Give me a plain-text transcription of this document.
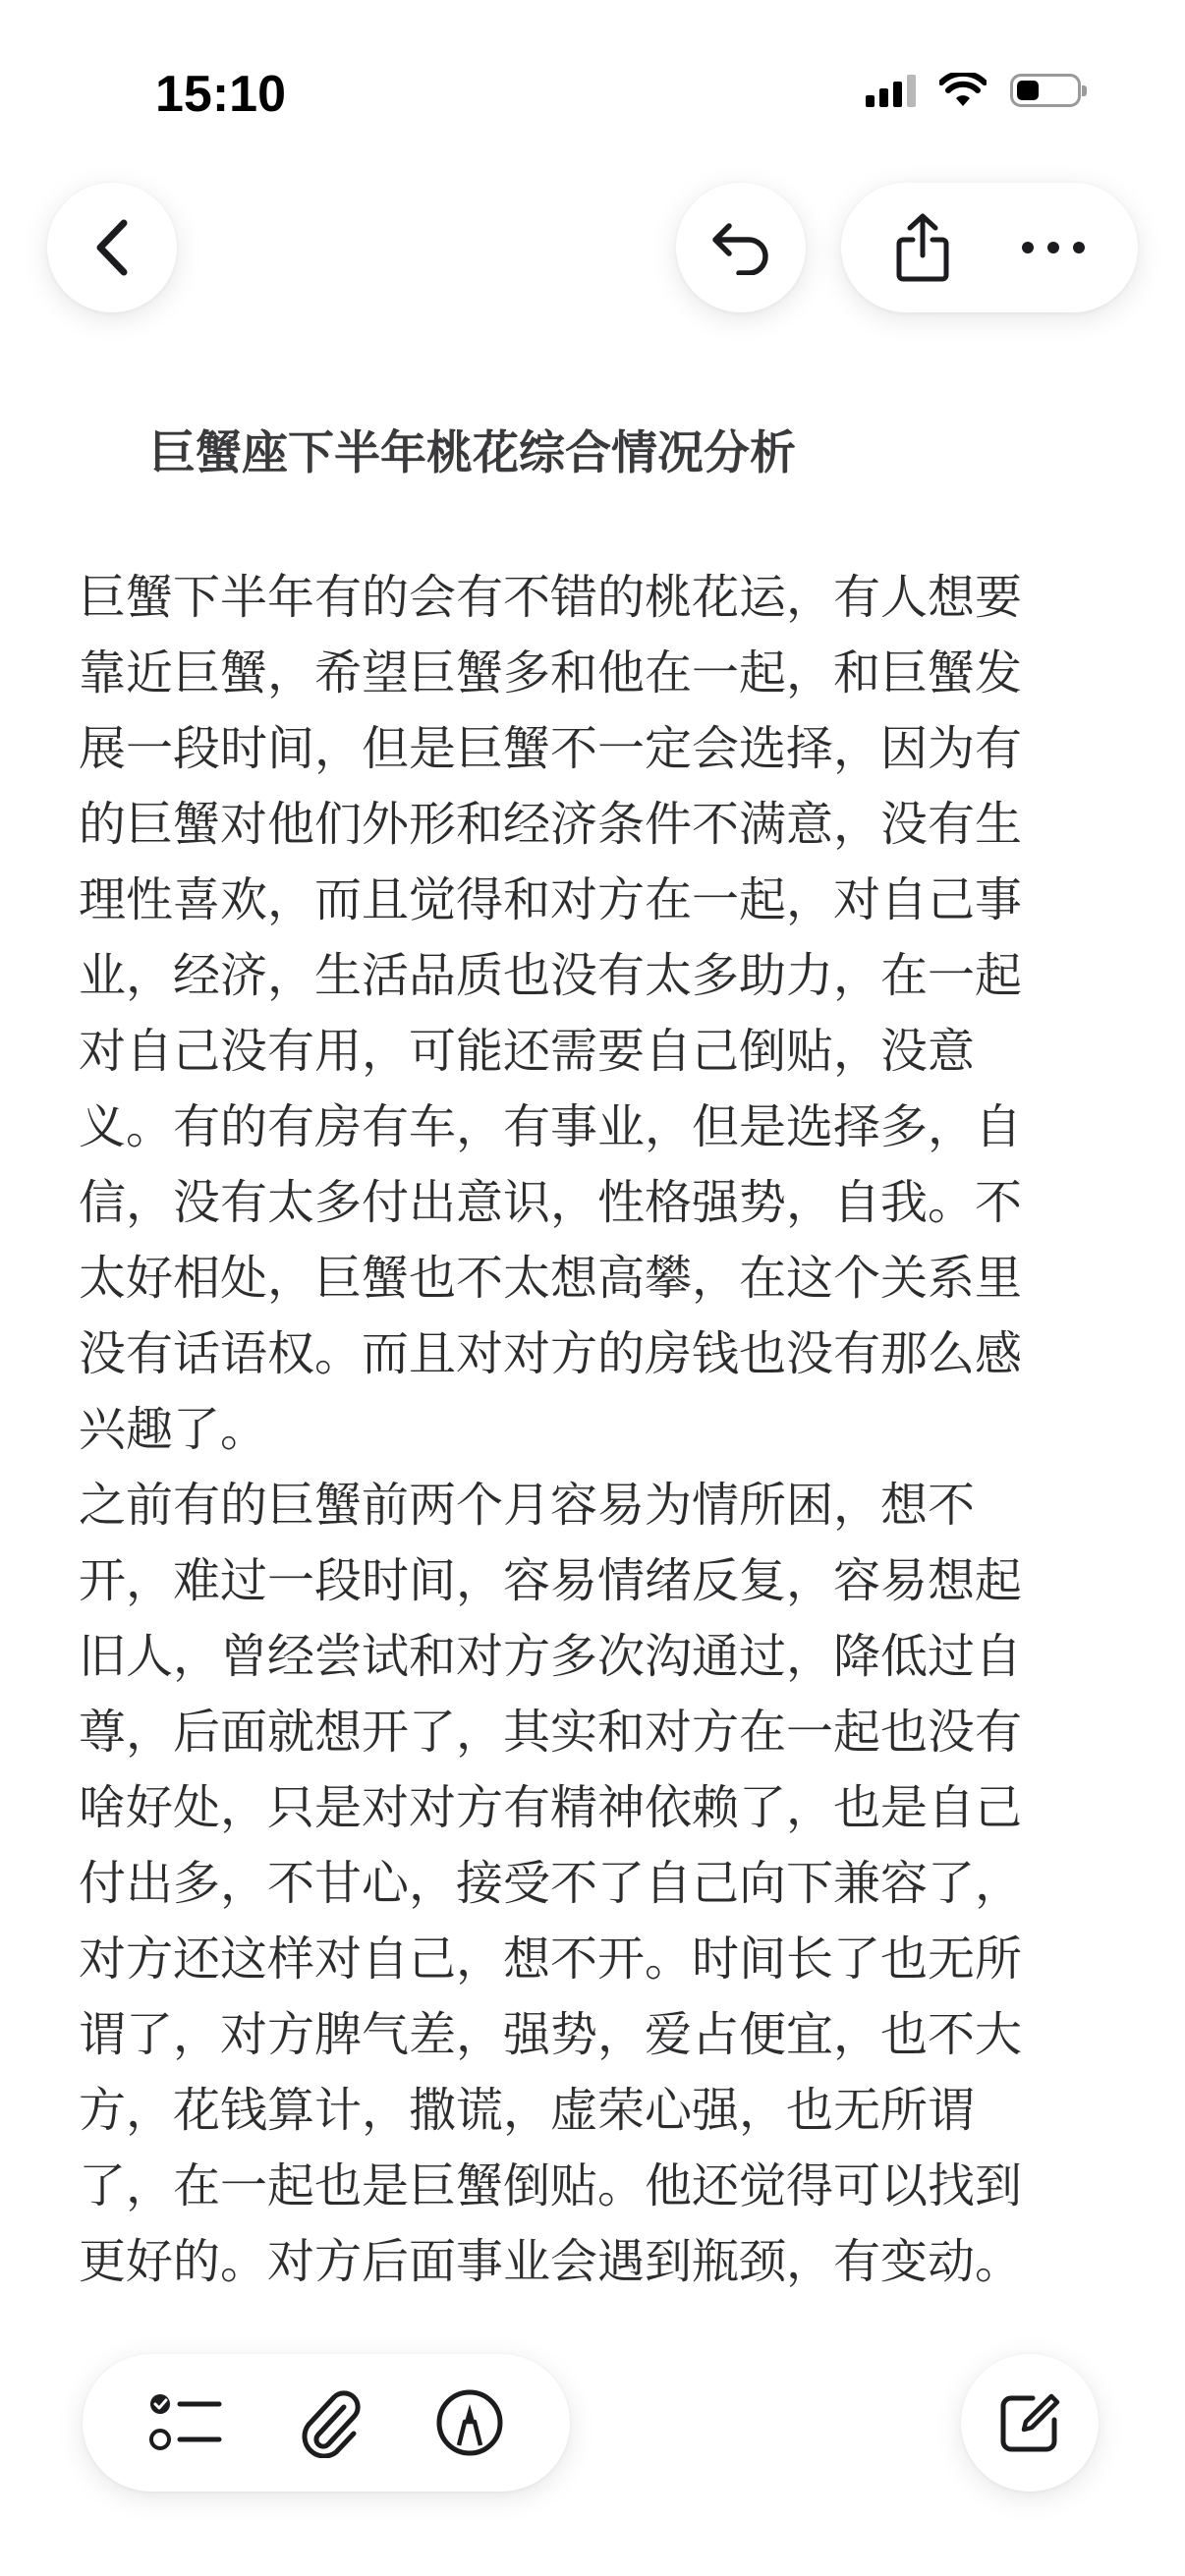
15:10
巨蟹座下半年桃花综合情况分析

巨蟹下半年有的会有不错的桃花运，有人想要
靠近巨蟹，希望巨蟹多和他在一起，和巨蟹发
展一段时间，但是巨蟹不一定会选择，因为有
的巨蟹对他们外形和经济条件不满意，没有生
理性喜欢，而且觉得和对方在一起，对自己事
业，经济，生活品质也没有太多助力，在一起
对自己没有用，可能还需要自己倒贴，没意
义。有的有房有车，有事业，但是选择多，自
信，没有太多付出意识，性格强势，自我。不
太好相处，巨蟹也不太想高攀，在这个关系里
没有话语权。而且对对方的房钱也没有那么感
兴趣了。

之前有的巨蟹前两个月容易为情所困，想不
开，难过一段时间，容易情绪反复，容易想起
旧人，曾经尝试和对方多次沟通过，降低过自
尊，后面就想开了，其实和对方在一起也没有
啥好处，只是对对方有精神依赖了，也是自己
付出多，不甘心，接受不了自己向下兼容了，
对方还这样对自己，想不开。时间长了也无所
谓了，对方脾气差，强势，爱占便宜，也不大
方，花钱算计，撒谎，虚荣心强，也无所谓
了，在一起也是巨蟹倒贴。他还觉得可以找到
更好的。对方后面事业会遇到瓶颈，有变动。
